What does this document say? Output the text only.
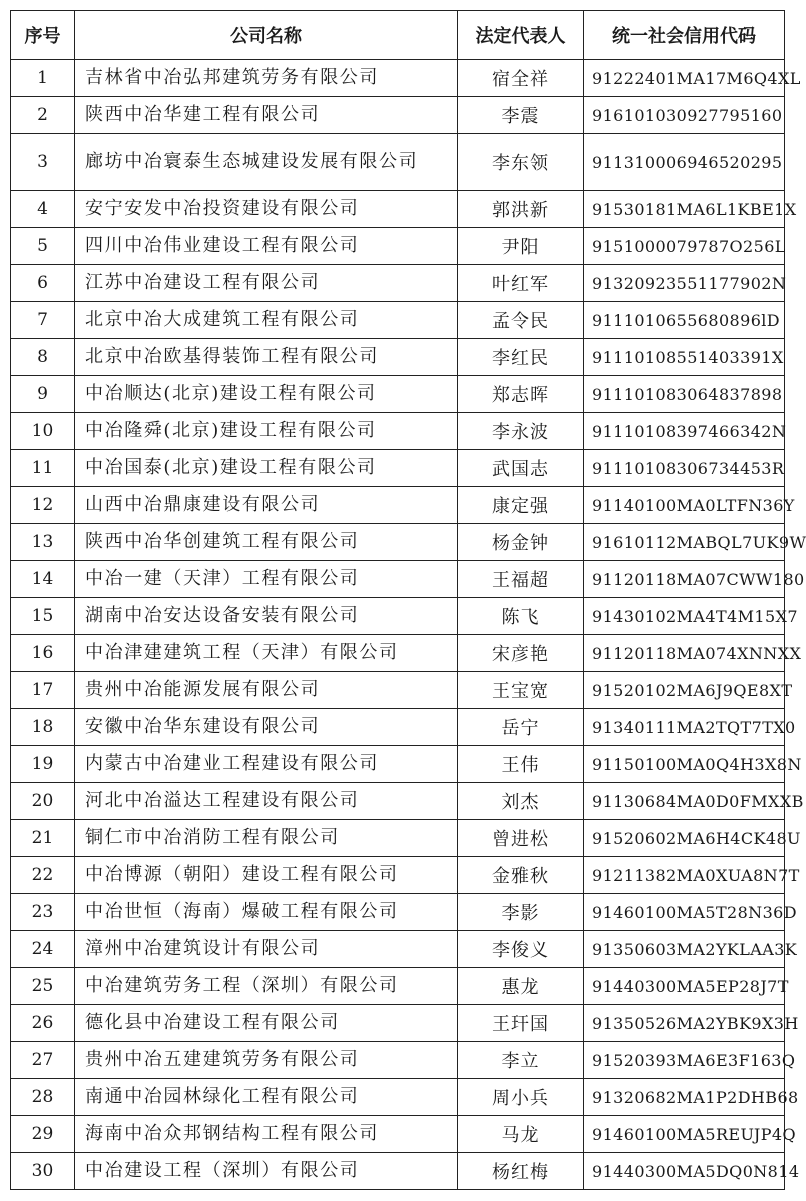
序号	公司名称	法定代表人	统一社会信用代码
1	吉林省中冶弘邦建筑劳务有限公司	宿全祥	91222401MA17M6Q4XL
2	陕西中冶华建工程有限公司	李震	916101030927795160
3	廊坊中冶寰泰生态城建设发展有限公司	李东领	911310006946520295
4	安宁安发中冶投资建设有限公司	郭洪新	91530181MA6L1KBE1X
5	四川中冶伟业建设工程有限公司	尹阳	9151000079787O256L
6	江苏中冶建设工程有限公司	叶红军	91320923551177902N
7	北京中冶大成建筑工程有限公司	孟令民	9111010655680896lD
8	北京中冶欧基得装饰工程有限公司	李红民	91110108551403391X
9	中冶顺达(北京)建设工程有限公司	郑志晖	911101083064837898
10	中冶隆舜(北京)建设工程有限公司	李永波	91110108397466342N
11	中冶国泰(北京)建设工程有限公司	武国志	91110108306734453R
12	山西中冶鼎康建设有限公司	康定强	91140100MA0LTFN36Y
13	陕西中冶华创建筑工程有限公司	杨金钟	91610112MABQL7UK9W
14	中冶一建（天津）工程有限公司	王福超	91120118MA07CWW180
15	湖南中冶安达设备安装有限公司	陈飞	91430102MA4T4M15X7
16	中冶津建建筑工程（天津）有限公司	宋彦艳	91120118MA074XNNXX
17	贵州中冶能源发展有限公司	王宝宽	91520102MA6J9QE8XT
18	安徽中冶华东建设有限公司	岳宁	91340111MA2TQT7TX0
19	内蒙古中冶建业工程建设有限公司	王伟	91150100MA0Q4H3X8N
20	河北中冶溢达工程建设有限公司	刘杰	91130684MA0D0FMXXB
21	铜仁市中冶消防工程有限公司	曾进松	91520602MA6H4CK48U
22	中冶博源（朝阳）建设工程有限公司	金雅秋	91211382MA0XUA8N7T
23	中冶世恒（海南）爆破工程有限公司	李影	91460100MA5T28N36D
24	漳州中冶建筑设计有限公司	李俊义	91350603MA2YKLAA3K
25	中冶建筑劳务工程（深圳）有限公司	惠龙	91440300MA5EP28J7T
26	德化县中冶建设工程有限公司	王玕国	91350526MA2YBK9X3H
27	贵州中冶五建建筑劳务有限公司	李立	91520393MA6E3F163Q
28	南通中冶园林绿化工程有限公司	周小兵	91320682MA1P2DHB68
29	海南中冶众邦钢结构工程有限公司	马龙	91460100MA5REUJP4Q
30	中冶建设工程（深圳）有限公司	杨红梅	91440300MA5DQ0N814
